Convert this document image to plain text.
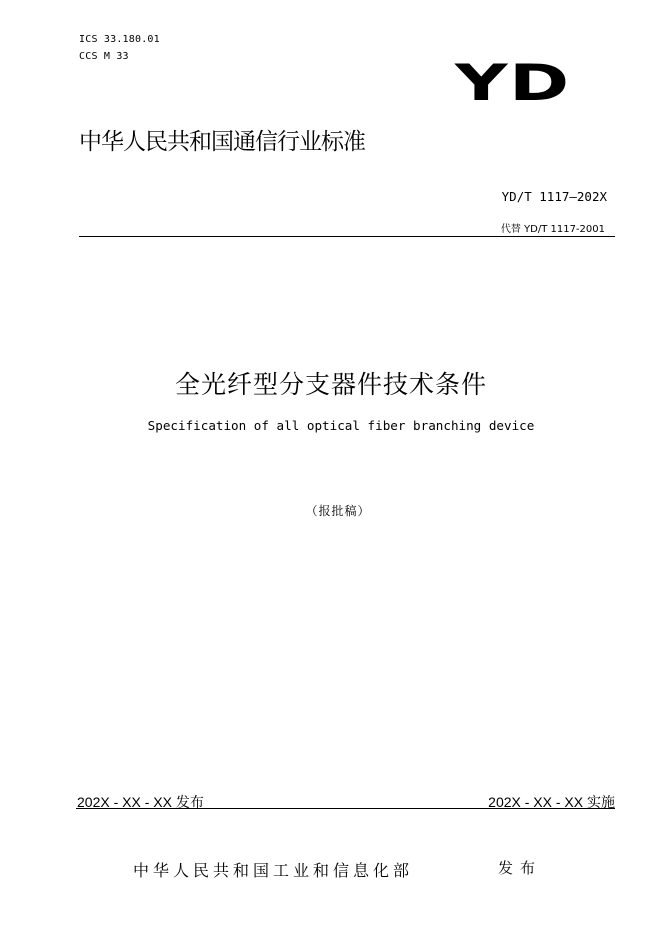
ICS 33.180.01
CCS M 33	YD
中华人民共和国通信行业标准
YD/T 1117—202X
代替 YD/T 1117-2001
全光纤型分支器件技术条件
Specification of all optical fiber branching device
（报批稿）
202X - XX - XX 发布	202X - XX - XX 实施
中华人民共和国工业和信息化部	发布
